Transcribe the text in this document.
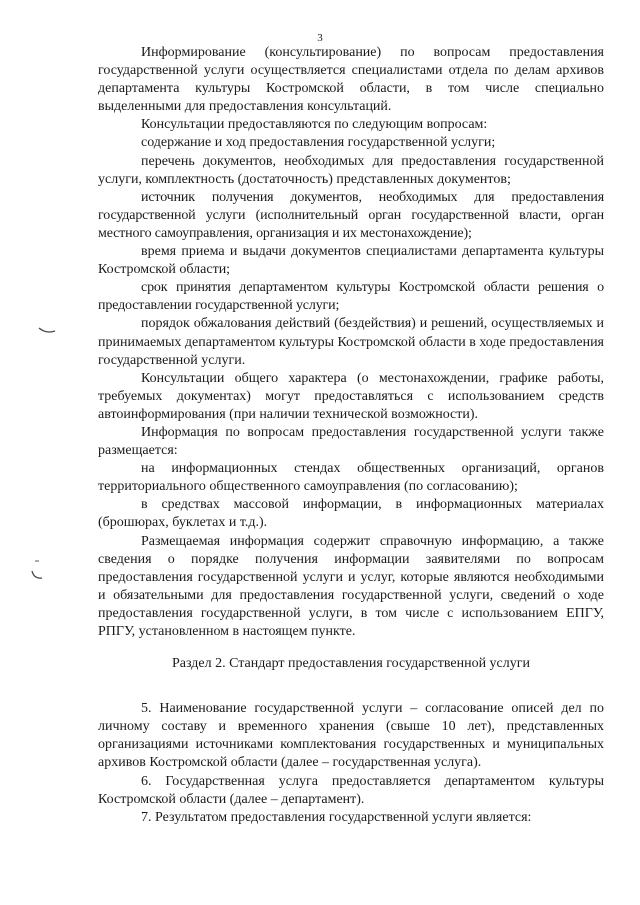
3

Информирование (консультирование) по вопросам предоставления государственной услуги осуществляется специалистами отдела по делам архивов департамента культуры Костромской области, в том числе специально выделенными для предоставления консультаций.

Консультации предоставляются по следующим вопросам:

содержание и ход предоставления государственной услуги;

перечень документов, необходимых для предоставления государственной услуги, комплектность (достаточность) представленных документов;

источник получения документов, необходимых для предоставления государственной услуги (исполнительный орган государственной власти, орган местного самоуправления, организация и их местонахождение);

время приема и выдачи документов специалистами департамента культуры Костромской области;

срок принятия департаментом культуры Костромской области решения о предоставлении государственной услуги;

порядок обжалования действий (бездействия) и решений, осуществляемых и принимаемых департаментом культуры Костромской области в ходе предоставления государственной услуги.

Консультации общего характера (о местонахождении, графике работы, требуемых документах) могут предоставляться с использованием средств автоинформирования (при наличии технической возможности).

Информация по вопросам предоставления государственной услуги также размещается:

на информационных стендах общественных организаций, органов территориального общественного самоуправления (по согласованию);

в средствах массовой информации, в информационных материалах (брошюрах, буклетах и т.д.).

Размещаемая информация содержит справочную информацию, а также сведения о порядке получения информации заявителями по вопросам предоставления государственной услуги и услуг, которые являются необходимыми и обязательными для предоставления государственной услуги, сведений о ходе предоставления государственной услуги, в том числе с использованием ЕПГУ, РПГУ, установленном в настоящем пункте.

Раздел 2. Стандарт предоставления государственной услуги

5. Наименование государственной услуги – согласование описей дел по личному составу и временного хранения (свыше 10 лет), представленных организациями источниками комплектования государственных и муниципальных архивов Костромской области (далее – государственная услуга).

6. Государственная услуга предоставляется департаментом культуры Костромской области (далее – департамент).

7. Результатом предоставления государственной услуги является:
